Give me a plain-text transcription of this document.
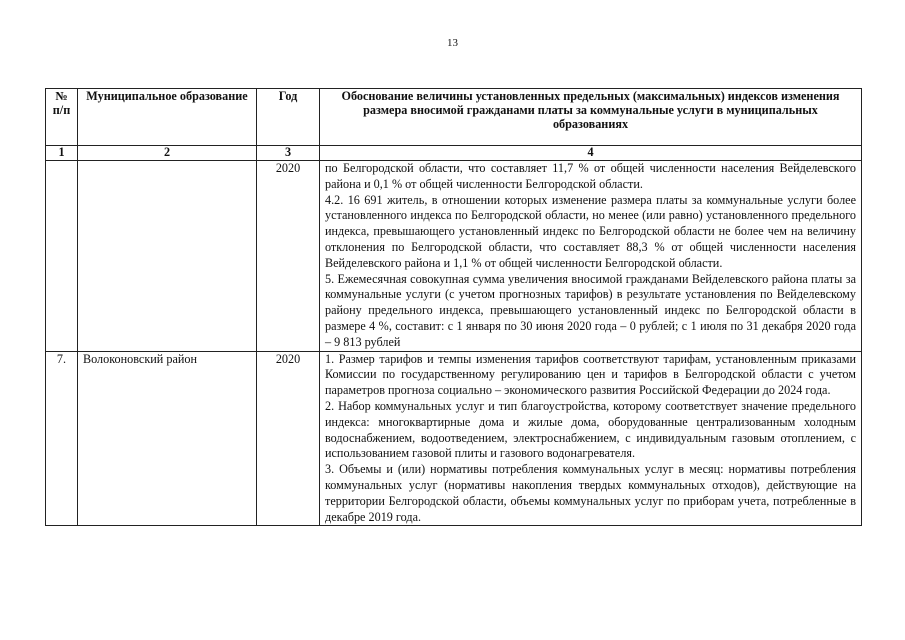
13
№ п/п	Муниципальное образование	Год	Обоснование величины установленных предельных (максимальных) индексов изменения размера вносимой гражданами платы за коммунальные услуги в муниципальных образованиях
1	2	3	4
		2020	по Белгородской области, что составляет 11,7 % от общей численности населения Вейделевского района и 0,1 % от общей численности Белгородской области.

4.2. 16 691 житель, в отношении которых изменение размера платы за коммунальные услуги более установленного индекса по Белгородской области, но менее (или равно) установленного предельного индекса, превышающего установленный индекс по Белгородской области не более чем на величину отклонения по Белгородской области, что составляет 88,3 % от общей численности населения Вейделевского района и 1,1 % от общей численности Белгородской области.

5. Ежемесячная совокупная сумма увеличения вносимой гражданами Вейделевского района платы за коммунальные услуги (с учетом прогнозных тарифов) в результате установления по Вейделевскому району предельного индекса, превышающего установленный индекс по Белгородской области в размере 4 %, составит: с 1 января по 30 июня 2020 года – 0 рублей; с 1 июля по 31 декабря 2020 года – 9 813 рублей

7.	Волоконовский район	2020	1. Размер тарифов и темпы изменения тарифов соответствуют тарифам, установленным приказами Комиссии по государственному регулированию цен и тарифов в Белгородской области с учетом параметров прогноза социально – экономического развития Российской Федерации до 2024 года.

2. Набор коммунальных услуг и тип благоустройства, которому соответствует значение предельного индекса: многоквартирные дома и жилые дома, оборудованные централизованным холодным водоснабжением, водоотведением, электроснабжением, с индивидуальным газовым отоплением, с использованием газовой плиты и газового водонагревателя.

3. Объемы и (или) нормативы потребления коммунальных услуг в месяц: нормативы потребления коммунальных услуг (нормативы накопления твердых коммунальных отходов), действующие на территории Белгородской области, объемы коммунальных услуг по приборам учета, потребленные в декабре 2019 года.
